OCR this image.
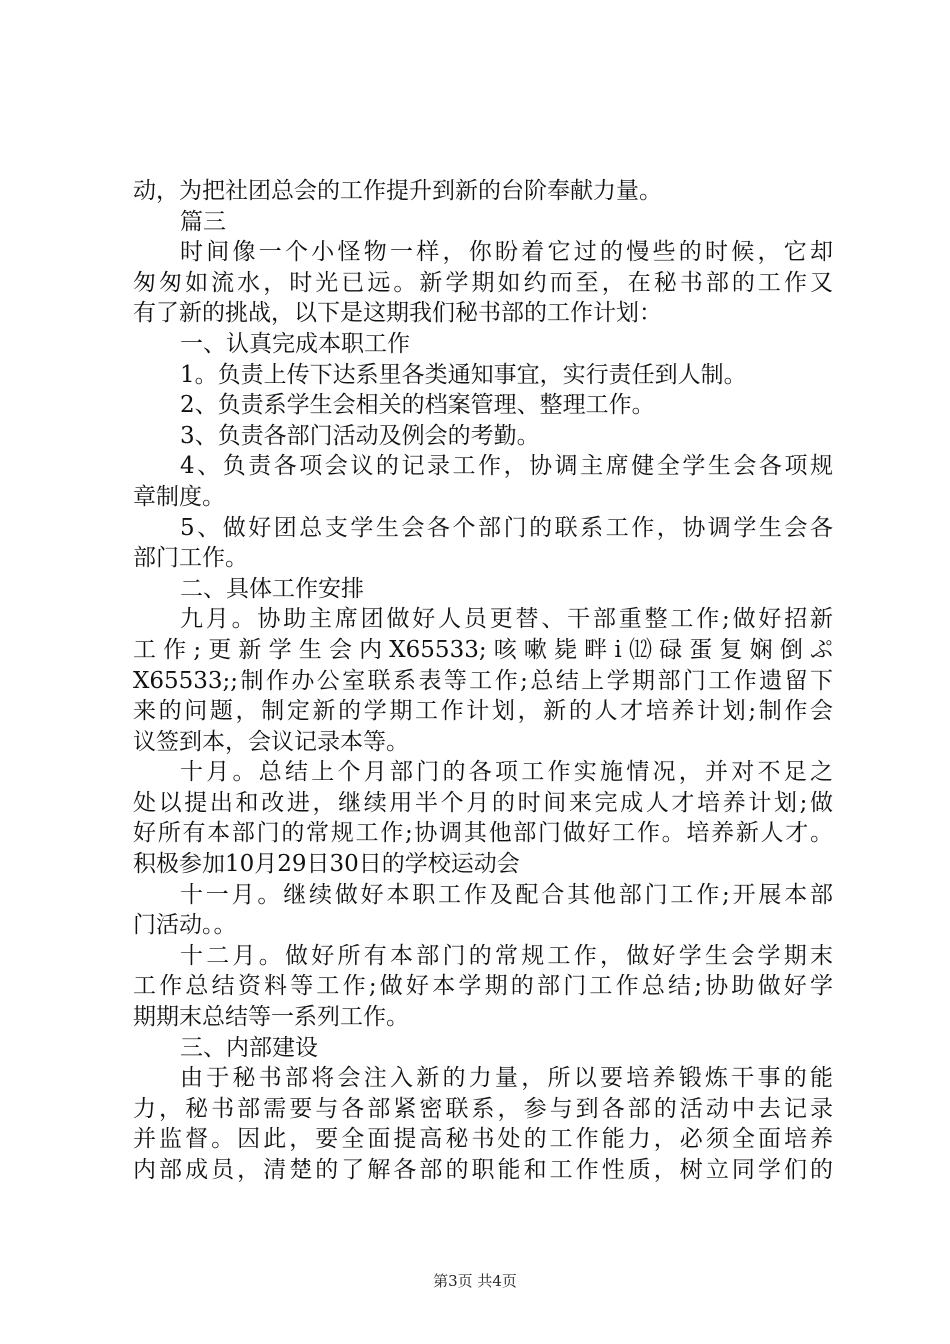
动，为把社团总会的工作提升到新的台阶奉献力量。
篇三
时间像一个小怪物一样，你盼着它过的慢些的时候，它却
匆匆如流水，时光已远。新学期如约而至，在秘书部的工作又
有了新的挑战，以下是这期我们秘书部的工作计划：
一、认真完成本职工作
1。负责上传下达系里各类通知事宜，实行责任到人制。
2、负责系学生会相关的档案管理、整理工作。
3、负责各部门活动及例会的考勤。
4、负责各项会议的记录工作，协调主席健全学生会各项规
章制度。
5、做好团总支学生会各个部门的联系工作，协调学生会各
部门工作。
二、具体工作安排
九月。协助主席团做好人员更替、干部重整工作;做好招新
工作;更新学生会内X65533;咳嗽毙畔ⅰ⑿碌蛋复娴倒ぷ
X65533;;制作办公室联系表等工作;总结上学期部门工作遗留下
来的问题，制定新的学期工作计划，新的人才培养计划;制作会
议签到本，会议记录本等。
十月。总结上个月部门的各项工作实施情况，并对不足之
处以提出和改进，继续用半个月的时间来完成人才培养计划;做
好所有本部门的常规工作;协调其他部门做好工作。培养新人才。
积极参加10月29日30日的学校运动会
十一月。继续做好本职工作及配合其他部门工作;开展本部
门活动。。
十二月。做好所有本部门的常规工作，做好学生会学期末
工作总结资料等工作;做好本学期的部门工作总结;协助做好学
期期末总结等一系列工作。
三、内部建设
由于秘书部将会注入新的力量，所以要培养锻炼干事的能
力，秘书部需要与各部紧密联系，参与到各部的活动中去记录
并监督。因此，要全面提高秘书处的工作能力，必须全面培养
内部成员，清楚的了解各部的职能和工作性质，树立同学们的
第3页 共4页
